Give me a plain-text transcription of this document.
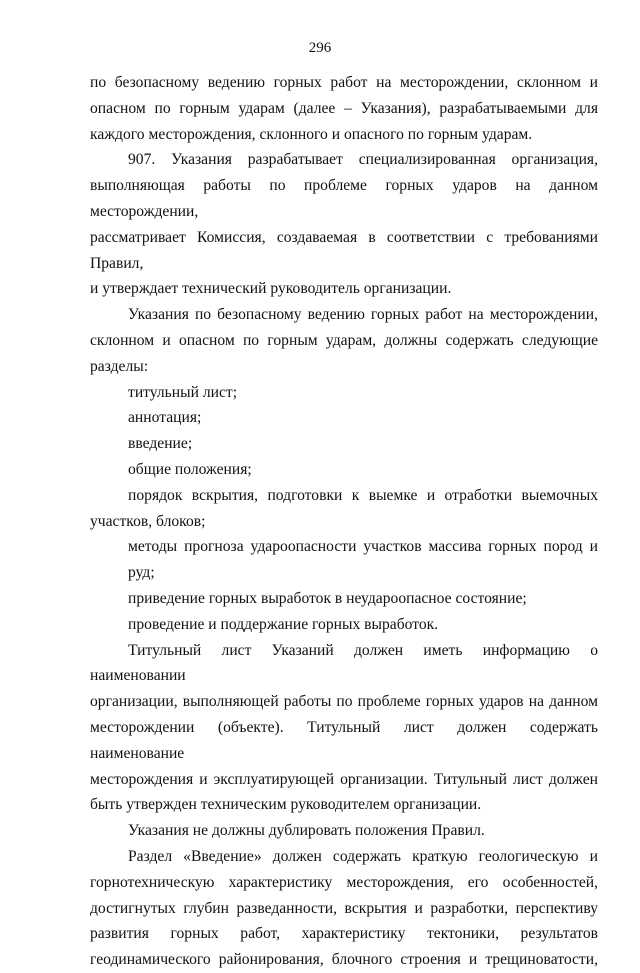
296

по безопасному ведению горных работ на месторождении, склонном и

опасном по горным ударам (далее – Указания), разрабатываемыми для

каждого месторождения, склонного и опасного по горным ударам.

907. Указания разрабатывает специализированная организация,

выполняющая работы по проблеме горных ударов на данном месторождении,

рассматривает Комиссия, создаваемая в соответствии с требованиями Правил,

и утверждает технический руководитель организации.

Указания по безопасному ведению горных работ на месторождении,

склонном и опасном по горным ударам, должны содержать следующие

разделы:

титульный лист;
аннотация;
введение;
общие положения;
порядок вскрытия, подготовки к выемке и отработки выемочных
участков, блоков;
методы прогноза удароопасности участков массива горных пород и руд;
приведение горных выработок в неудароопасное состояние;
проведение и поддержание горных выработок.

Титульный лист Указаний должен иметь информацию о наименовании

организации, выполняющей работы по проблеме горных ударов на данном

месторождении (объекте). Титульный лист должен содержать наименование

месторождения и эксплуатирующей организации. Титульный лист должен

быть утвержден техническим руководителем организации.

Указания не должны дублировать положения Правил.

Раздел «Введение» должен содержать краткую геологическую и

горнотехническую характеристику месторождения, его особенностей,

достигнутых глубин разведанности, вскрытия и разработки, перспективу

развития горных работ, характеристику тектоники, результатов

геодинамического районирования, блочного строения и трещиноватости,
